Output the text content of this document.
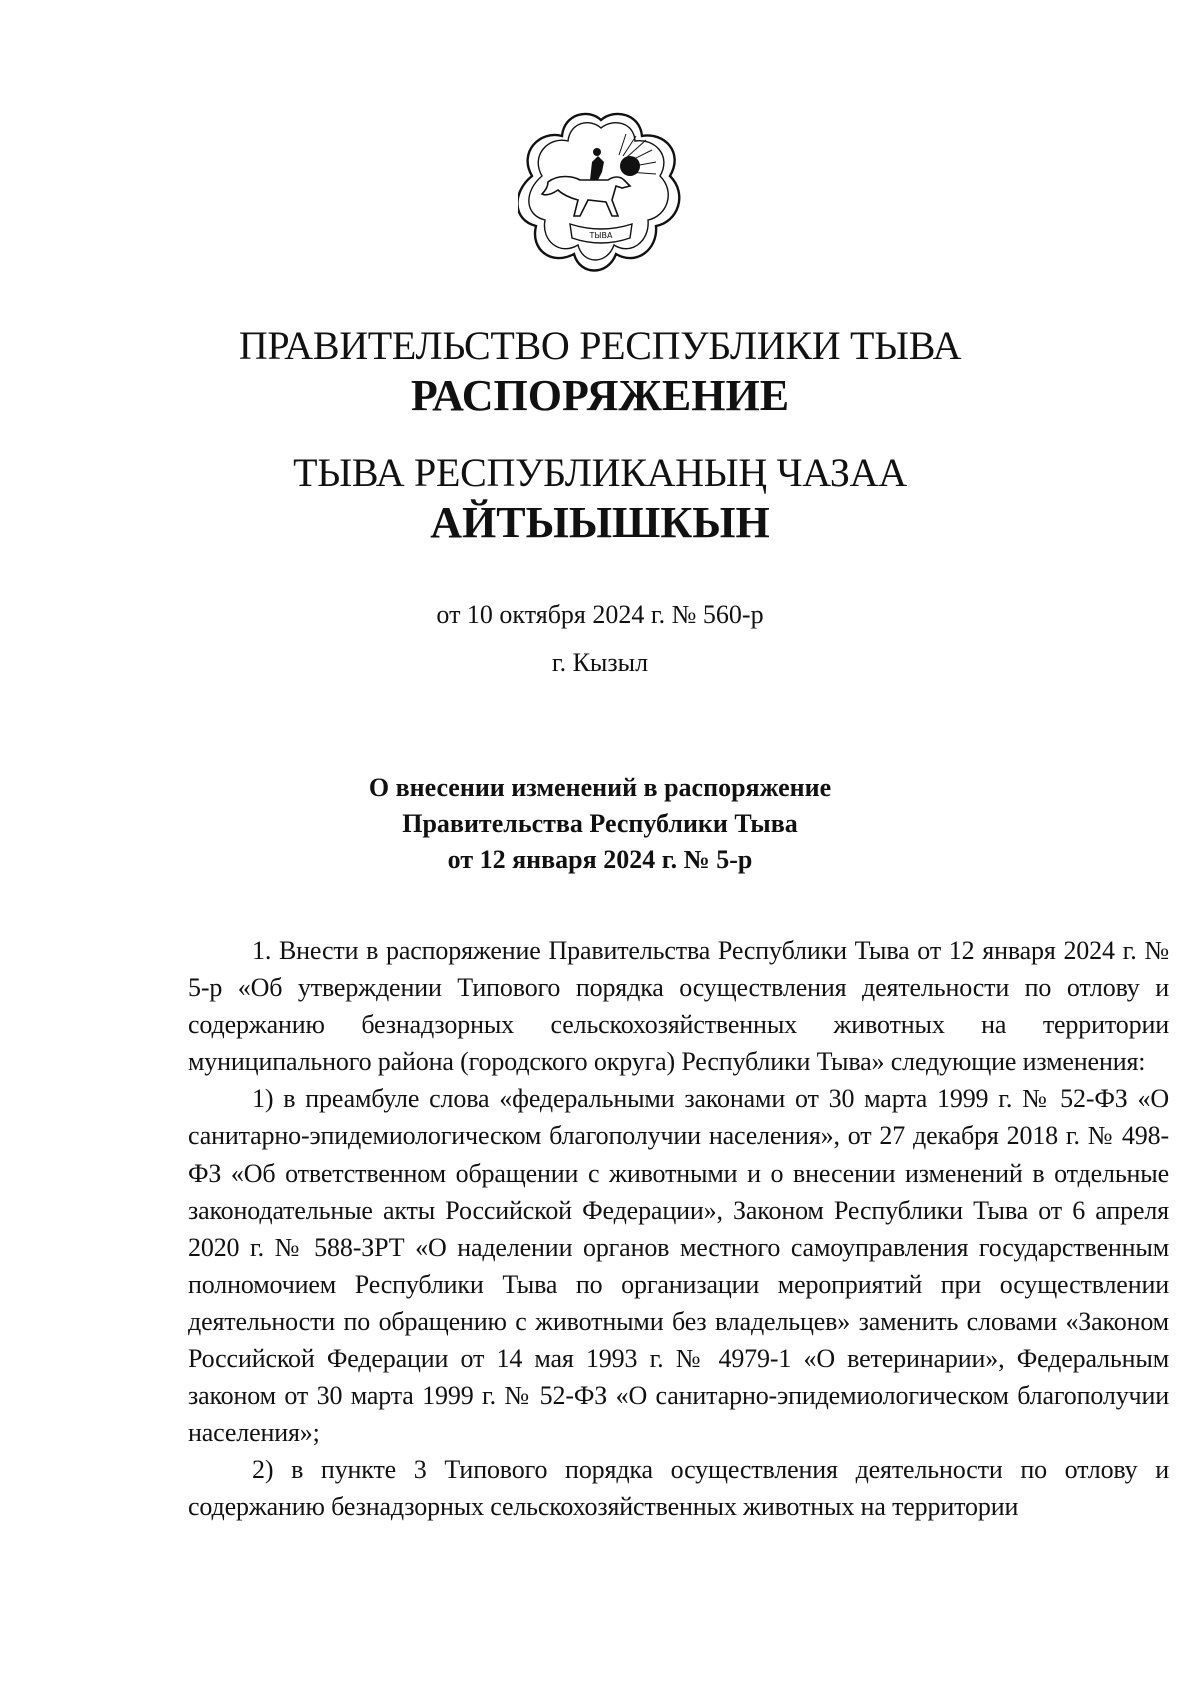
ТЫВА
ПРАВИТЕЛЬСТВО РЕСПУБЛИКИ ТЫВА
РАСПОРЯЖЕНИЕ
ТЫВА РЕСПУБЛИКАНЫҢ ЧАЗАА
АЙТЫЫШКЫН
от 10 октября 2024 г. № 560-р
г. Кызыл
О внесении изменений в распоряжение
Правительства Республики Тыва
от 12 января 2024 г. № 5-р

1. Внести в распоряжение Правительства Республики Тыва от 12 января 2024 г. № 5-р «Об утверждении Типового порядка осуществления деятельности по отлову и содержанию безнадзорных сельскохозяйственных животных на территории муниципального района (городского округа) Республики Тыва» следующие изменения:

1) в преамбуле слова «федеральными законами от 30 марта 1999 г. № 52-ФЗ «О санитарно-эпидемиологическом благополучии населения», от 27 декабря 2018 г. № 498-ФЗ «Об ответственном обращении с животными и о внесении изменений в отдельные законодательные акты Российской Федерации», Законом Республики Тыва от 6 апреля 2020 г. № 588-ЗРТ «О наделении органов местного самоуправления государственным полномочием Республики Тыва по организации мероприятий при осуществлении деятельности по обращению с животными без владельцев» заменить словами «Законом Российской Федерации от 14 мая 1993 г. № 4979-1 «О ветеринарии», Федеральным законом от 30 марта 1999 г. № 52-ФЗ «О санитарно-эпидемиологическом благополучии населения»;

2) в пункте 3 Типового порядка осуществления деятельности по отлову и содержанию безнадзорных сельскохозяйственных животных на территории
